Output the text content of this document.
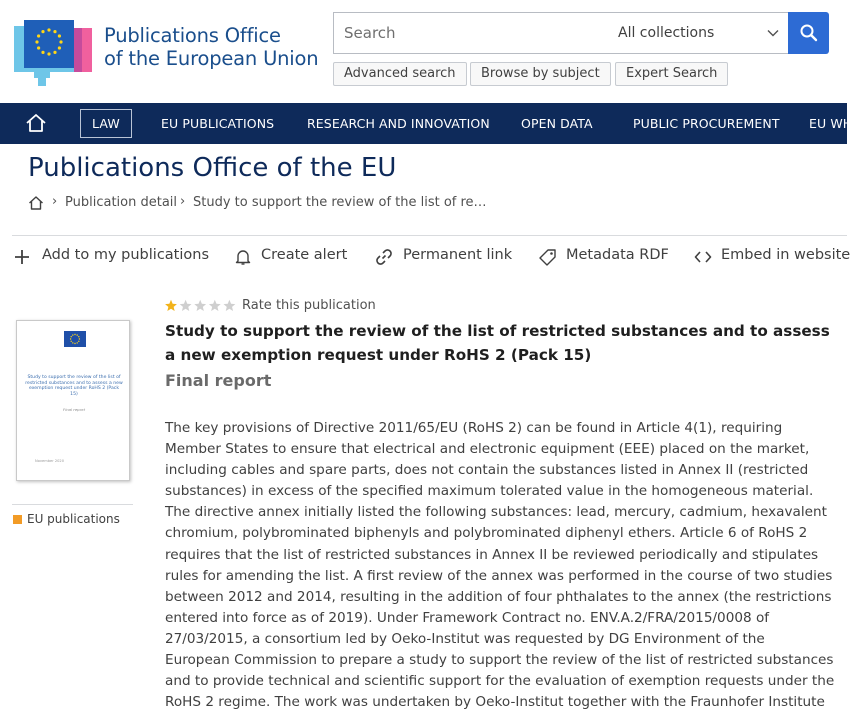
Publications Office
of the European Union
Search
All collections
Advanced search	Browse by subject	Expert Search
LAW	EU PUBLICATIONS	RESEARCH AND INNOVATION OPEN DATA	PUBLIC PROCUREMENT EU WH
Publications Office of the EU
› Publication detail › Study to support the review of the list of re…
Add to my publications	Create alert	Permanent link	Metadata RDF	Embed in website
Study to support the review of the list of restricted substances and to assess a new exemption request under RoHS 2 (Pack 15)
Final report
November 2020
EU publications
Rate this publication
Study to support the review of the list of restricted substances and to assess a new exemption request under RoHS 2 (Pack 15)
Final report
The key provisions of Directive 2011/65/EU (RoHS 2) can be found in Article 4(1), requiring
Member States to ensure that electrical and electronic equipment (EEE) placed on the market,
including cables and spare parts, does not contain the substances listed in Annex II (restricted
substances) in excess of the specified maximum tolerated value in the homogeneous material.
The directive annex initially listed the following substances: lead, mercury, cadmium, hexavalent
chromium, polybrominated biphenyls and polybrominated diphenyl ethers. Article 6 of RoHS 2
requires that the list of restricted substances in Annex II be reviewed periodically and stipulates
rules for amending the list. A first review of the annex was performed in the course of two studies
between 2012 and 2014, resulting in the addition of four phthalates to the annex (the restrictions
entered into force as of 2019). Under Framework Contract no. ENV.A.2/FRA/2015/0008 of
27/03/2015, a consortium led by Oeko-Institut was requested by DG Environment of the
European Commission to prepare a study to support the review of the list of restricted substances
and to provide technical and scientific support for the evaluation of exemption requests under the
RoHS 2 regime. The work was undertaken by Oeko-Institut together with the Fraunhofer Institute
